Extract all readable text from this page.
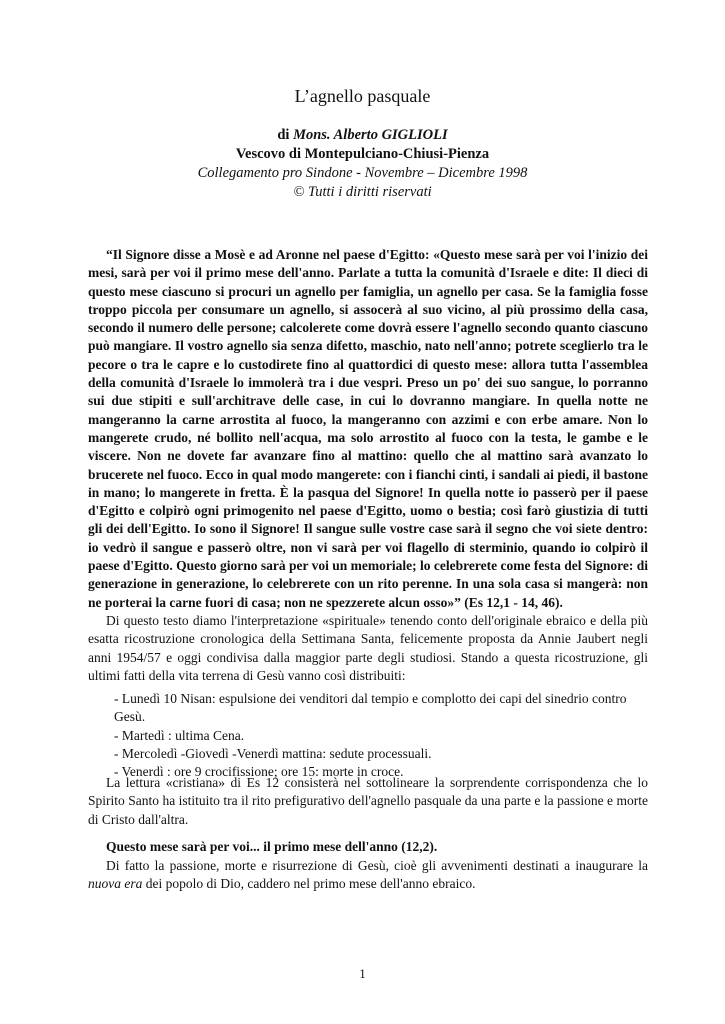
L’agnello pasquale
di Mons. Alberto GIGLIOLI
Vescovo di Montepulciano-Chiusi-Pienza
Collegamento pro Sindone - Novembre – Dicembre 1998
© Tutti i diritti riservati

“Il Signore disse a Mosè e ad Aronne nel paese d'Egitto: «Questo mese sarà per voi l'inizio dei mesi, sarà per voi il primo mese dell'anno. Parlate a tutta la comunità d'Israele e dite: Il dieci di questo mese ciascuno si procuri un agnello per famiglia, un agnello per casa. Se la famiglia fosse troppo piccola per consumare un agnello, si assocerà al suo vicino, al più prossimo della casa, secondo il numero delle persone; calcolerete come dovrà essere l'agnello secondo quanto ciascuno può mangiare. Il vostro agnello sia senza difetto, maschio, nato nell'anno; potrete sceglierlo tra le pecore o tra le capre e lo custodirete fino al quattordici di questo mese: allora tutta l'assemblea della comunità d'Israele lo immolerà tra i due vespri. Preso un po' dei suo sangue, lo porranno sui due stipiti e sull'architrave delle case, in cui lo dovranno mangiare. In quella notte ne mangeranno la carne arrostita al fuoco, la mangeranno con azzimi e con erbe amare. Non lo mangerete crudo, né bollito nell'acqua, ma solo arrostito al fuoco con la testa, le gambe e le viscere. Non ne dovete far avanzare fino al mattino: quello che al mattino sarà avanzato lo brucerete nel fuoco. Ecco in qual modo mangerete: con i fianchi cinti, i sandali ai piedi, il bastone in mano; lo mangerete in fretta. È la pasqua del Signore! In quella notte io passerò per il paese d'Egitto e colpirò ogni primogenito nel paese d'Egitto, uomo o bestia; così farò giustizia di tutti gli dei dell'Egitto. Io sono il Signore! Il sangue sulle vostre case sarà il segno che voi siete dentro: io vedrò il sangue e passerò oltre, non vi sarà per voi flagello di sterminio, quando io colpirò il paese d'Egitto. Questo giorno sarà per voi un memoriale; lo celebrerete come festa del Signore: di generazione in generazione, lo celebrerete con un rito perenne. In una sola casa si mangerà: non ne porterai la carne fuori di casa; non ne spezzerete alcun osso»” (Es 12,1 - 14, 46).

Di questo testo diamo l'interpretazione «spirituale» tenendo conto dell'originale ebraico e della più esatta ricostruzione cronologica della Settimana Santa, felicemente proposta da Annie Jaubert negli anni 1954/57 e oggi condivisa dalla maggior parte degli studiosi. Stando a questa ricostruzione, gli ultimi fatti della vita terrena di Gesù vanno così distribuiti:

- Lunedì 10 Nisan: espulsione dei venditori dal tempio e complotto dei capi del sinedrio contro Gesù.
- Martedì : ultima Cena.
- Mercoledì -Giovedì -Venerdì mattina: sedute processuali.
- Venerdì : ore 9 crocifissione; ore 15: morte in croce.

La lettura «cristiana» di Es 12 consisterà nel sottolineare la sorprendente corrispondenza che lo Spirito Santo ha istituito tra il rito prefigurativo dell'agnello pasquale da una parte e la passione e morte di Cristo dall'altra.

Questo mese sarà per voi... il primo mese dell'anno (12,2).

Di fatto la passione, morte e risurrezione di Gesù, cioè gli avvenimenti destinati a inaugurare la nuova era dei popolo di Dio, caddero nel primo mese dell'anno ebraico.

1
